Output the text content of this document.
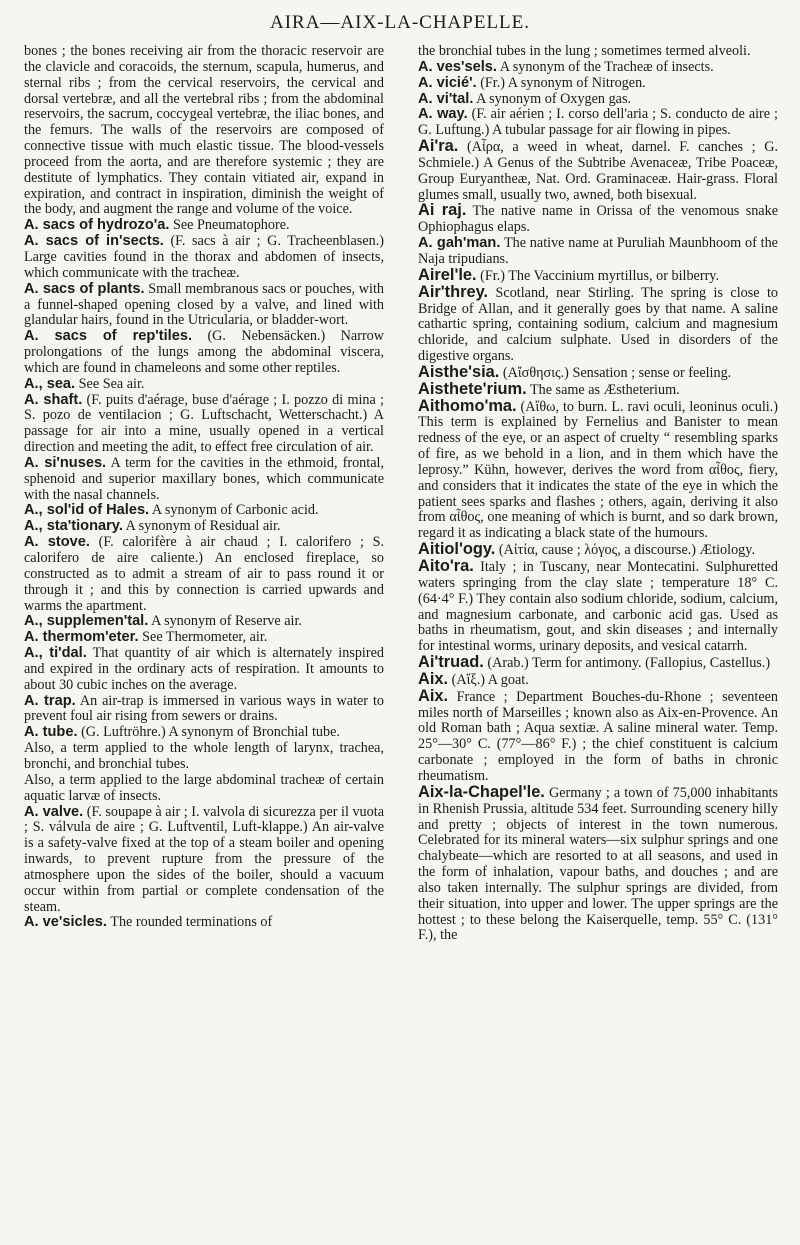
AIRA—AIX-LA-CHAPELLE.

bones ; the bones receiving air from the thoracic reservoir are the clavicle and coracoids, the sternum, scapula, humerus, and sternal ribs ; from the cervical reservoirs, the cervical and dorsal vertebræ, and all the vertebral ribs ; from the abdominal reservoirs, the sacrum, coccygeal vertebræ, the iliac bones, and the femurs. The walls of the reservoirs are composed of connective tissue with much elastic tissue. The blood-vessels proceed from the aorta, and are therefore systemic ; they are destitute of lymphatics. They contain vitiated air, expand in expiration, and contract in inspiration, diminish the weight of the body, and augment the range and volume of the voice.

A. sacs of hydrozo'a. See Pneumatophore.

A. sacs of in'sects. (F. sacs à air ; G. Tracheenblasen.) Large cavities found in the thorax and abdomen of insects, which communicate with the tracheæ.

A. sacs of plants. Small membranous sacs or pouches, with a funnel-shaped opening closed by a valve, and lined with glandular hairs, found in the Utricularia, or bladder-wort.

A. sacs of rep'tiles. (G. Nebensäcken.) Narrow prolongations of the lungs among the abdominal viscera, which are found in chameleons and some other reptiles.

A., sea. See Sea air.

A. shaft. (F. puits d'aérage, buse d'aérage ; I. pozzo di mina ; S. pozo de ventilacion ; G. Luftschacht, Wetterschacht.) A passage for air into a mine, usually opened in a vertical direction and meeting the adit, to effect free circulation of air.

A. si'nuses. A term for the cavities in the ethmoid, frontal, sphenoid and superior maxillary bones, which communicate with the nasal channels.

A., sol'id of Hales. A synonym of Carbonic acid.

A., sta'tionary. A synonym of Residual air.

A. stove. (F. calorifère à air chaud ; I. calorifero ; S. calorifero de aire caliente.) An enclosed fireplace, so constructed as to admit a stream of air to pass round it or through it ; and this by connection is carried upwards and warms the apartment.

A., supplemen'tal. A synonym of Reserve air.

A. thermom'eter. See Thermometer, air.

A., ti'dal. That quantity of air which is alternately inspired and expired in the ordinary acts of respiration. It amounts to about 30 cubic inches on the average.

A. trap. An air-trap is immersed in various ways in water to prevent foul air rising from sewers or drains.

A. tube. (G. Luftröhre.) A synonym of Bronchial tube.

Also, a term applied to the whole length of larynx, trachea, bronchi, and bronchial tubes.

Also, a term applied to the large abdominal tracheæ of certain aquatic larvæ of insects.

A. valve. (F. soupape à air ; I. valvola di sicurezza per il vuota ; S. válvula de aire ; G. Luftventil, Luft-klappe.) An air-valve is a safety-valve fixed at the top of a steam boiler and opening inwards, to prevent rupture from the pressure of the atmosphere upon the sides of the boiler, should a vacuum occur within from partial or complete condensation of the steam.

A. ve'sicles. The rounded terminations of

the bronchial tubes in the lung ; sometimes termed alveoli.

A. ves'sels. A synonym of the Tracheæ of insects.

A. vicié'. (Fr.) A synonym of Nitrogen.

A. vi'tal. A synonym of Oxygen gas.

A. way. (F. air aérien ; I. corso dell'aria ; S. conducto de aire ; G. Luftung.) A tubular passage for air flowing in pipes.

Ai'ra. (Αἶρα, a weed in wheat, darnel. F. canches ; G. Schmiele.) A Genus of the Subtribe Avenaceæ, Tribe Poaceæ, Group Euryantheæ, Nat. Ord. Graminaceæ. Hair-grass. Floral glumes small, usually two, awned, both bisexual.

Ai raj. The native name in Orissa of the venomous snake Ophiophagus elaps.

A. gah'man. The native name at Puruliah Maunbhoom of the Naja tripudians.

Airel'le. (Fr.) The Vaccinium myrtillus, or bilberry.

Air'threy. Scotland, near Stirling. The spring is close to Bridge of Allan, and it generally goes by that name. A saline cathartic spring, containing sodium, calcium and magnesium chloride, and calcium sulphate. Used in disorders of the digestive organs.

Aisthe'sia. (Αἴσθησις.) Sensation ; sense or feeling.

Aisthete'rium. The same as Æstheterium.

Aithomo'ma. (Αἴθω, to burn. L. ravi oculi, leoninus oculi.) This term is explained by Fernelius and Banister to mean redness of the eye, or an aspect of cruelty “ resembling sparks of fire, as we behold in a lion, and in them which have the leprosy.” Kühn, however, derives the word from αἶθος, fiery, and considers that it indicates the state of the eye in which the patient sees sparks and flashes ; others, again, deriving it also from αἶθος, one meaning of which is burnt, and so dark brown, regard it as indicating a black state of the humours.

Aitiol'ogy. (Αἰτία, cause ; λόγος, a discourse.) Ætiology.

Aito'ra. Italy ; in Tuscany, near Montecatini. Sulphuretted waters springing from the clay slate ; temperature 18° C. (64·4° F.) They contain also sodium chloride, sodium, calcium, and magnesium carbonate, and carbonic acid gas. Used as baths in rheumatism, gout, and skin diseases ; and internally for intestinal worms, urinary deposits, and vesical catarrh.

Ai'truad. (Arab.) Term for antimony. (Fallopius, Castellus.)

Aix. (Αἴξ.) A goat.

Aix. France ; Department Bouches-du-Rhone ; seventeen miles north of Marseilles ; known also as Aix-en-Provence. An old Roman bath ; Aqua sextiæ. A saline mineral water. Temp. 25°—30° C. (77°—86° F.) ; the chief constituent is calcium carbonate ; employed in the form of baths in chronic rheumatism.

Aix-la-Chapel'le. Germany ; a town of 75,000 inhabitants in Rhenish Prussia, altitude 534 feet. Surrounding scenery hilly and pretty ; objects of interest in the town numerous. Celebrated for its mineral waters—six sulphur springs and one chalybeate—which are resorted to at all seasons, and used in the form of inhalation, vapour baths, and douches ; and are also taken internally. The sulphur springs are divided, from their situation, into upper and lower. The upper springs are the hottest ; to these belong the Kaiserquelle, temp. 55° C. (131° F.), the
